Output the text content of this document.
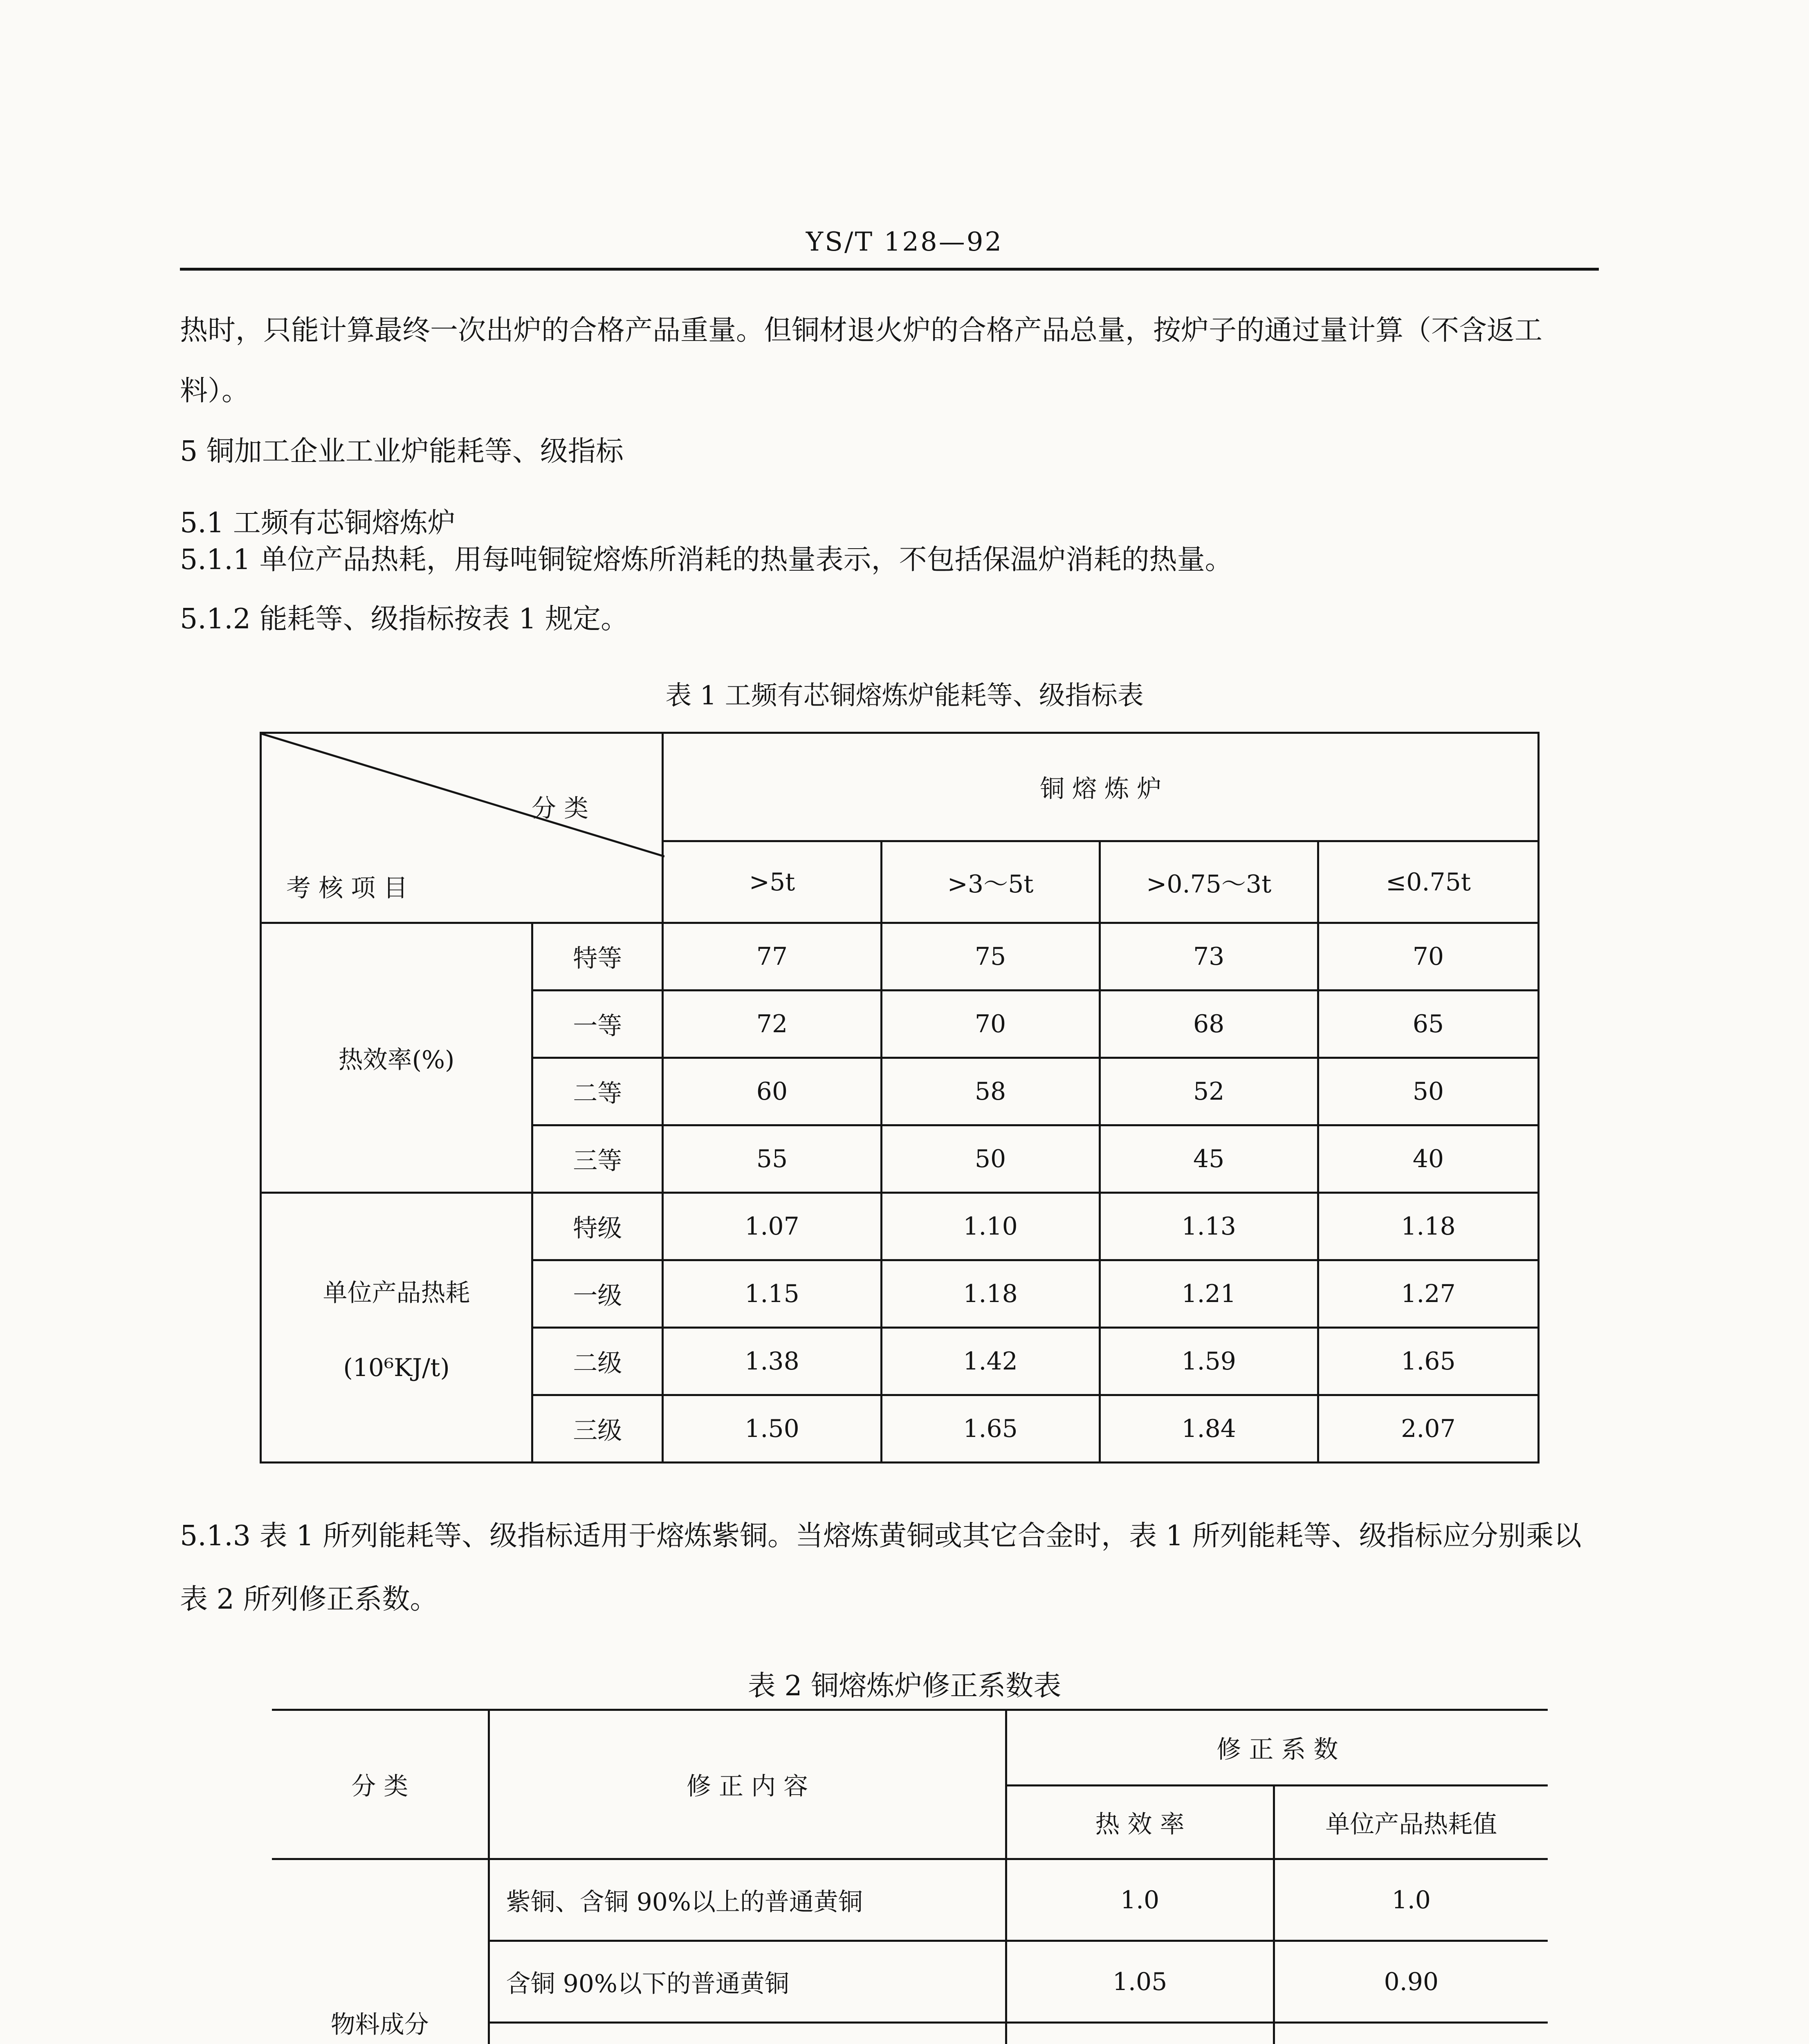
YS/T 128—92
热时，只能计算最终一次出炉的合格产品重量。但铜材退火炉的合格产品总量，按炉子的通过量计算（不含返工料）。
5 铜加工企业工业炉能耗等、级指标
5.1 工频有芯铜熔炼炉
5.1.1 单位产品热耗，用每吨铜锭熔炼所消耗的热量表示，不包括保温炉消耗的热量。
5.1.2 能耗等、级指标按表 1 规定。
表 1 工频有芯铜熔炼炉能耗等、级指标表
分 类
考 核 项 目		铜 熔 炼 炉			
		>5t	>3～5t	>0.75～3t	≤0.75t
热效率(%)	特等	77	75	73	70
	一等	72	70	68	65
	二等	60	58	52	50
	三等	55	50	45	40

单位产品热耗
(10⁶KJ/t)	特级	1.07	1.10	1.13	1.18
	一级	1.15	1.18	1.21	1.27
	二级	1.38	1.42	1.59	1.65
	三级	1.50	1.65	1.84	2.07
5.1.3 表 1 所列能耗等、级指标适用于熔炼紫铜。当熔炼黄铜或其它合金时，表 1 所列能耗等、级指标应分别乘以表 2 所列修正系数。
表 2 铜熔炼炉修正系数表
分 类	修 正 内 容	修 正 系 数	
		热 效 率	单位产品热耗值
物料成分	紫铜、含铜 90%以上的普通黄铜	1.0	1.0
	含铜 90%以下的普通黄铜	1.05	0.90
